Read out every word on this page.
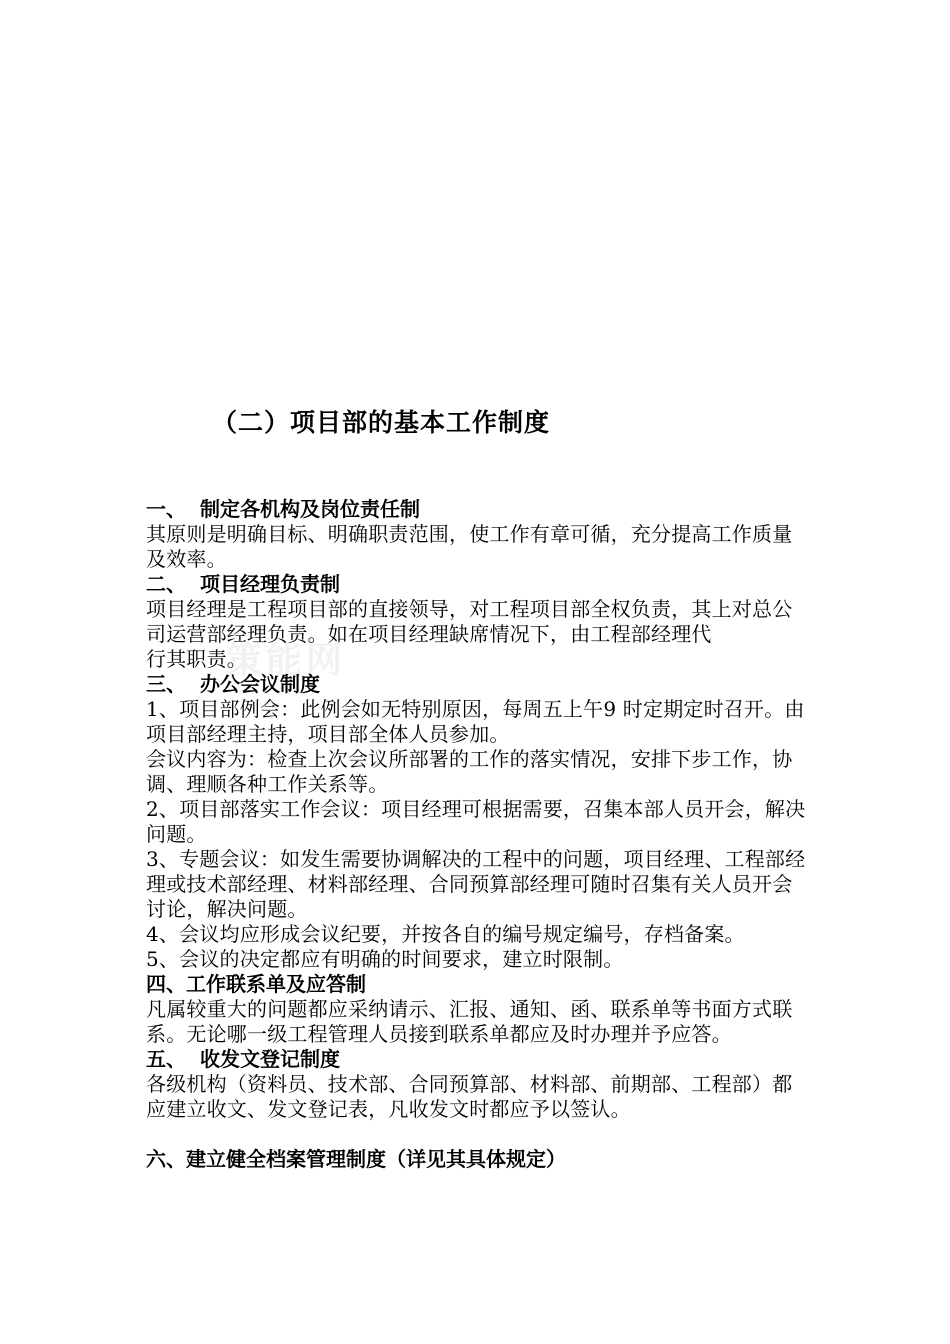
策能网
（二）项目部的基本工作制度
一、 制定各机构及岗位责任制

其原则是明确目标、明确职责范围，使工作有章可循，充分提高工作质量及效率。

二、 项目经理负责制

项目经理是工程项目部的直接领导，对工程项目部全权负责，其上对总公司运营部经理负责。如在项目经理缺席情况下，由工程部经理代

行其职责。

三、 办公会议制度

1、项目部例会：此例会如无特别原因，每周五上午9 时定期定时召开。由项目部经理主持，项目部全体人员参加。

会议内容为：检查上次会议所部署的工作的落实情况，安排下步工作，协调、理顺各种工作关系等。

2、项目部落实工作会议：项目经理可根据需要，召集本部人员开会，解决问题。

3、专题会议：如发生需要协调解决的工程中的问题，项目经理、工程部经理或技术部经理、材料部经理、合同预算部经理可随时召集有关人员开会讨论，解决问题。

4、会议均应形成会议纪要，并按各自的编号规定编号，存档备案。

5、会议的决定都应有明确的时间要求，建立时限制。

四、工作联系单及应答制

凡属较重大的问题都应采纳请示、汇报、通知、函、联系单等书面方式联系。无论哪一级工程管理人员接到联系单都应及时办理并予应答。

五、 收发文登记制度

各级机构（资料员、技术部、合同预算部、材料部、前期部、工程部）都应建立收文、发文登记表，凡收发文时都应予以签认。

六、建立健全档案管理制度（详见其具体规定）
